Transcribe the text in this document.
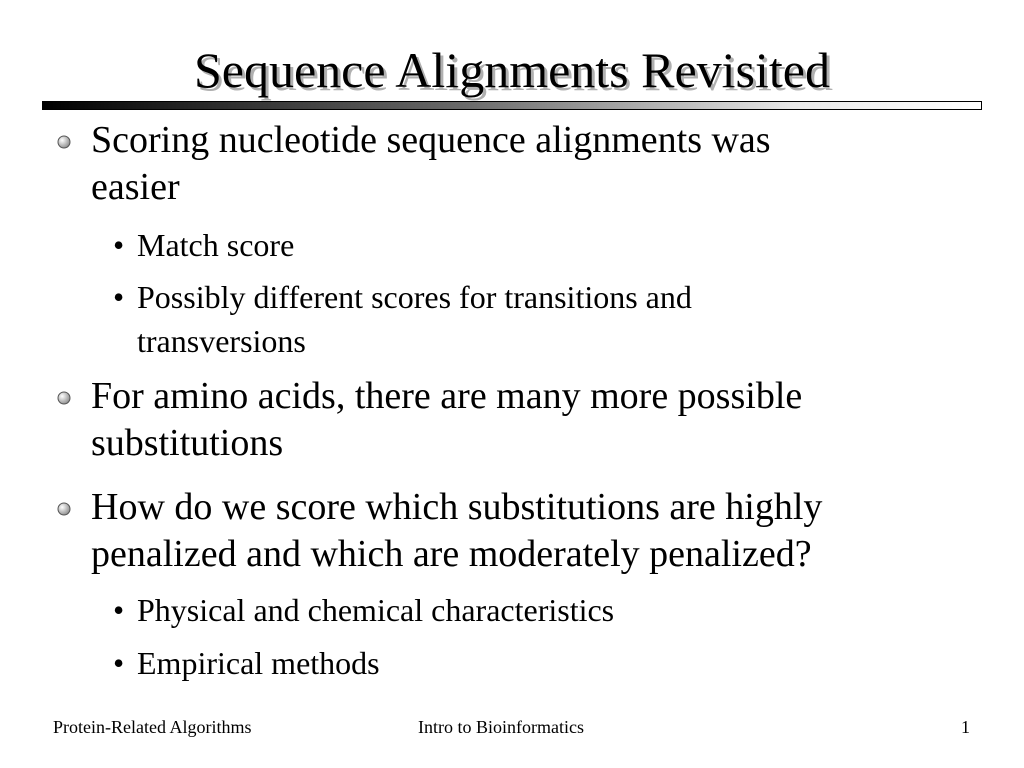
Sequence Alignments Revisited
Scoring nucleotide sequence alignments was
easier
• Match score
• Possibly different scores for transitions and
transversions
For amino acids, there are many more possible
substitutions
How do we score which substitutions are highly
penalized and which are moderately penalized?
• Physical and chemical characteristics
• Empirical methods
Protein-Related Algorithms	Intro to Bioinformatics	1
